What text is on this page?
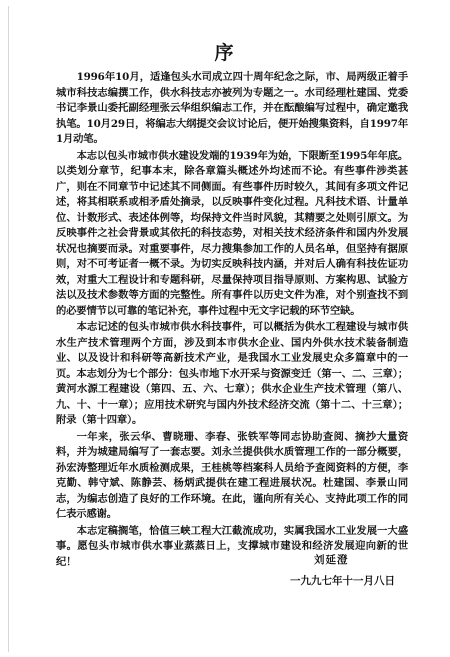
序

1996年10月，适逢包头水司成立四十周年纪念之际，市、局两级正着手城市科技志编撰工作，供水科技志亦被列为专题之一。水司经理杜建国、党委书记李景山委托副经理张云华组织编志工作，并在酝酿编写过程中，确定邀我执笔。10月29日，将编志大纲提交会议讨论后，便开始搜集资料，自1997年1月动笔。

本志以包头市城市供水建设发端的1939年为始，下限断至1995年年底。以类划分章节，纪事本末，除各章篇头概述外均述而不论。有些事件涉类甚广，则在不同章节中记述其不同侧面。有些事件历时较久，其间有多项文件记述，将其相联系或相矛盾处摘录，以反映事件变化过程。凡科技术语、计量单位、计数形式、表述体例等，均保持文件当时风貌，其精要之处则引原文。为反映事件之社会背景或其依托的科技态势，对相关技术经济条件和国内外发展状况也摘要而录。对重要事件，尽力搜集参加工作的人员名单，但坚持有据原则，对不可考证者一概不录。为切实反映科技内涵，并对后人确有科技佐证功效，对重大工程设计和专题科研，尽量保持项目指导原则、方案构思、试验方法以及技术参数等方面的完整性。所有事件以历史文件为准，对个别查找不到的必要情节以可靠的笔记补充，事件过程中无文字记载的环节空缺。

本志记述的包头市城市供水科技事件，可以概括为供水工程建设与城市供水生产技术管理两个方面，涉及到本市供水企业、国内外供水技术装备制造业、以及设计和科研等高新技术产业，是我国水工业发展史众多篇章中的一页。本志划分为七个部分：包头市地下水开采与资源变迁（第一、二、三章）；黄河水源工程建设（第四、五、六、七章）；供水企业生产技术管理（第八、九、十、十一章）；应用技术研究与国内外技术经济交流（第十二、十三章）；附录（第十四章）。

一年来，张云华、曹晓珊、李春、张铁军等同志协助查阅、摘抄大量资料，并为城建局编写了一套志要。刘永兰提供供水质管理工作的一部分概要，孙宏涛整理近年水质检测成果，王桂桃等档案科人员给予查阅资料的方便，李克勤、韩守斌、陈静芸、杨炳武提供在建工程进展状况。杜建国、李景山同志，为编志创造了良好的工作环境。在此，谨向所有关心、支持此项工作的同仁表示感谢。

本志定稿搁笔，恰值三峡工程大江截流成功，实属我国水工业发展一大盛事。愿包头市城市供水事业蒸蒸日上，支撑城市建设和经济发展迎向新的世纪！	刘延澄
一九九七年十一月八日
